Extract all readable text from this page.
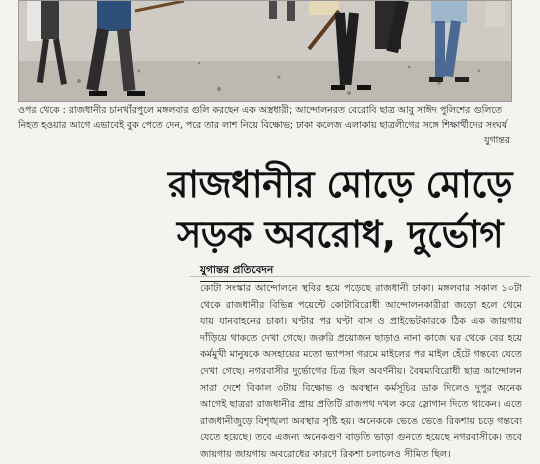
ওপর থেকে : রাজধানীর চানখাঁরপুলে মঙ্গলবার গুলি করছেন এক অস্ত্রধারী; আন্দোলনরত বেরোবি ছাত্র আবু সাঈদ পুলিশের গুলিতে নিহত হওয়ার আগে এভাবেই বুক পেতে দেন, পরে তার লাশ নিয়ে বিক্ষোভ; ঢাকা কলেজ এলাকায় ছাত্রলীগের সঙ্গে শিক্ষার্থীদের সংঘর্ষ
যুগান্তর
রাজধানীর মোড়ে মোড়ে
সড়ক অবরোধ, দুর্ভোগ
যুগান্তর প্রতিবেদন
কোটা সংস্কার আন্দোলনে স্থবির হয়ে পড়েছে রাজধানী ঢাকা। মঙ্গলবার সকাল ১০টা থেকে রাজধানীর বিভিন্ন পয়েন্টে কোটাবিরোধী আন্দোলনকারীরা জড়ো হলে থেমে যায় যানবাহনের চাকা। ঘণ্টার পর ঘণ্টা বাস ও প্রাইভেটকারকে ঠিক এক জায়গায় দাঁড়িয়ে থাকতে দেখা গেছে। জরুরি প্রয়োজন ছাড়াও নানা কাজে ঘর থেকে বের হয়ে কর্মমুখী মানুষকে অসহায়ের মতো ভ্যাপসা গরমে মাইলের পর মাইল হেঁটে গন্তব্যে যেতে দেখা গেছে। নগরবাসীর দুর্ভোগের চিত্র ছিল অবর্ণনীয়। বৈষম্যবিরোধী ছাত্র আন্দোলন সারা দেশে বিকাল ৩টায় বিক্ষোভ ও অবস্থান কর্মসূচির ডাক দিলেও দুপুর অনেক আগেই ছাত্ররা রাজধানীর প্রায় প্রতিটি রাজপথ দখল করে স্লোগান দিতে থাকেন। এতে রাজধানীজুড়ে বিশৃঙ্খলা অবস্থার সৃষ্টি হয়। অনেককে ভেঙে ভেঙে রিকশায় চড়ে গন্তব্যে যেতে হয়েছে। তবে এজন্য অনেকগুণ বাড়তি ভাড়া গুনতে হয়েছে নগরবাসীকে। তবে জায়গায় জায়গায় অবরোধের কারণে রিকশা চলাচলও সীমিত ছিল।
